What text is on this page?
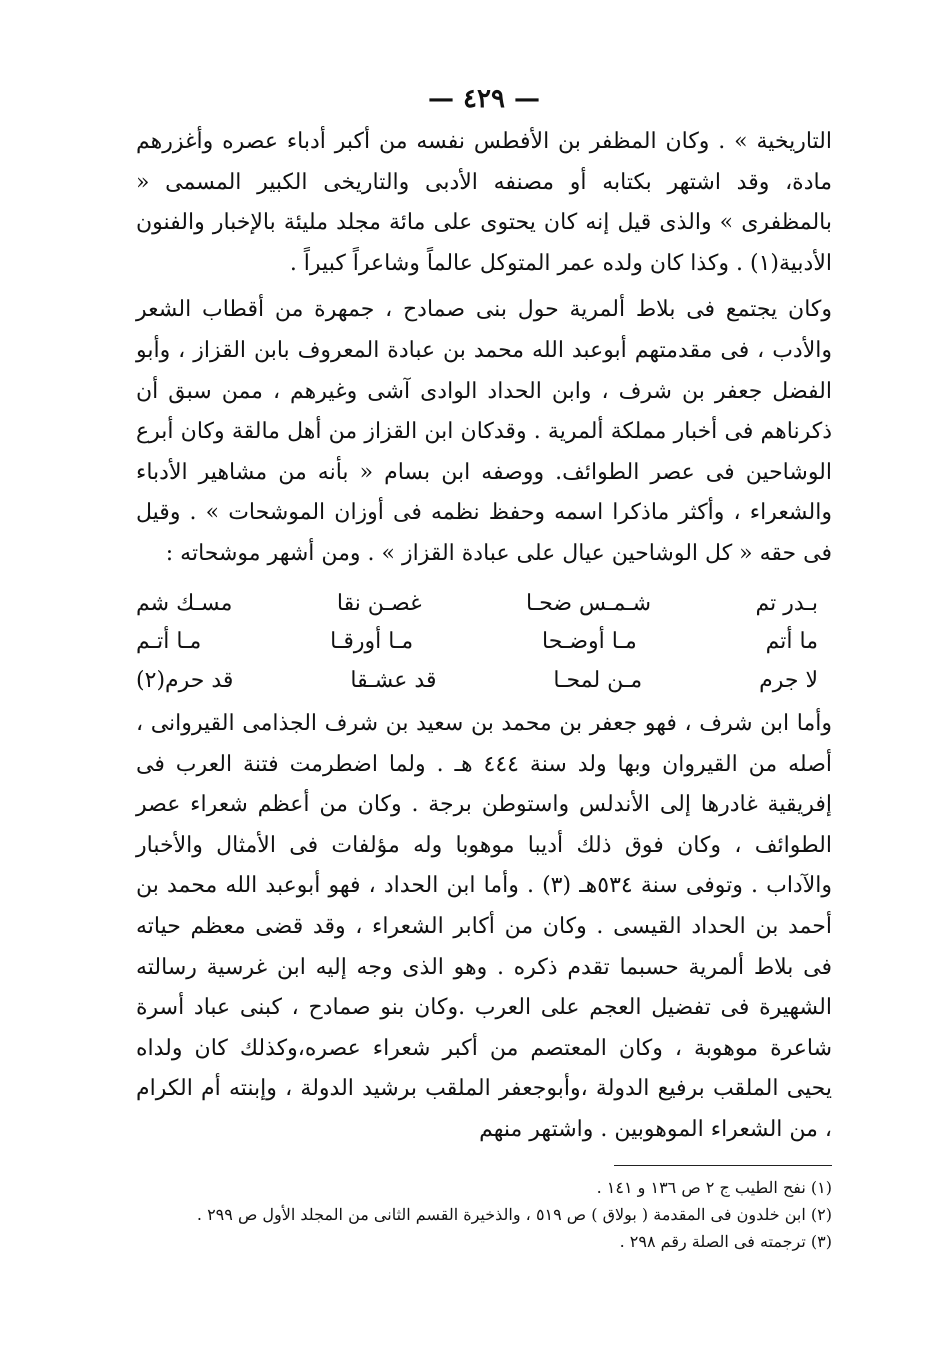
— ٤٢٩ —

التاريخية » . وكان المظفر بن الأفطس نفسه من أكبر أدباء عصره وأغزرهم مادة، وقد اشتهر بكتابه أو مصنفه الأدبى والتاريخى الكبير المسمى « بالمظفرى » والذى قيل إنه كان يحتوى على مائة مجلد مليئة بالإخبار والفنون الأدبية(١) . وكذا كان ولده عمر المتوكل عالماً وشاعراً كبيراً .

وكان يجتمع فى بلاط ألمرية حول بنى صمادح ، جمهرة من أقطاب الشعر والأدب ، فى مقدمتهم أبوعبد الله محمد بن عبادة المعروف بابن القزاز ، وأبو الفضل جعفر بن شرف ، وابن الحداد الوادى آشى وغيرهم ، ممن سبق أن ذكرناهم فى أخبار مملكة ألمرية . وقدكان ابن القزاز من أهل مالقة وكان أبرع الوشاحين فى عصر الطوائف. ووصفه ابن بسام « بأنه من مشاهير الأدباء والشعراء ، وأكثر ماذكرا اسمه وحفظ نظمه فى أوزان الموشحات » . وقيل فى حقه « كل الوشاحين عيال على عبادة القزاز » . ومن أشهر موشحاته :

بـدر تم
شـمـس ضحـا
غصـن نقا
مسـك شم
ما أتم
مـا أوضـحا
مـا أورقـا
مـا أتـم
لا جرم
مـن لمحـا
قد عشـقا
قد حرم(٢)

وأما ابن شرف ، فهو جعفر بن محمد بن سعيد بن شرف الجذامى القيروانى ، أصله من القيروان وبها ولد سنة ٤٤٤ هـ . ولما اضطرمت فتنة العرب فى إفريقية غادرها إلى الأندلس واستوطن برجة . وكان من أعظم شعراء عصر الطوائف ، وكان فوق ذلك أديبا موهوبا وله مؤلفات فى الأمثال والأخبار والآداب . وتوفى سنة ٥٣٤هـ (٣) . وأما ابن الحداد ، فهو أبوعبد الله محمد بن أحمد بن الحداد القيسى . وكان من أكابر الشعراء ، وقد قضى معظم حياته فى بلاط ألمرية حسبما تقدم ذكره . وهو الذى وجه إليه ابن غرسية رسالته الشهيرة فى تفضيل العجم على العرب .وكان بنو صمادح ، كبنى عباد أسرة شاعرة موهوبة ، وكان المعتصم من أكبر شعراء عصره،وكذلك كان ولداه يحيى الملقب برفيع الدولة ،وأبوجعفر الملقب برشيد الدولة ، وإبنته أم الكرام ، من الشعراء الموهوبين . واشتهر منهم

(١) نفح الطيب ج ٢ ص ١٣٦ و ١٤١ .
(٢) ابن خلدون فى المقدمة ( بولاق ) ص ٥١٩ ، والذخيرة القسم الثانى من المجلد الأول ص ٢٩٩ .
(٣) ترجمته فى الصلة رقم ٢٩٨ .
